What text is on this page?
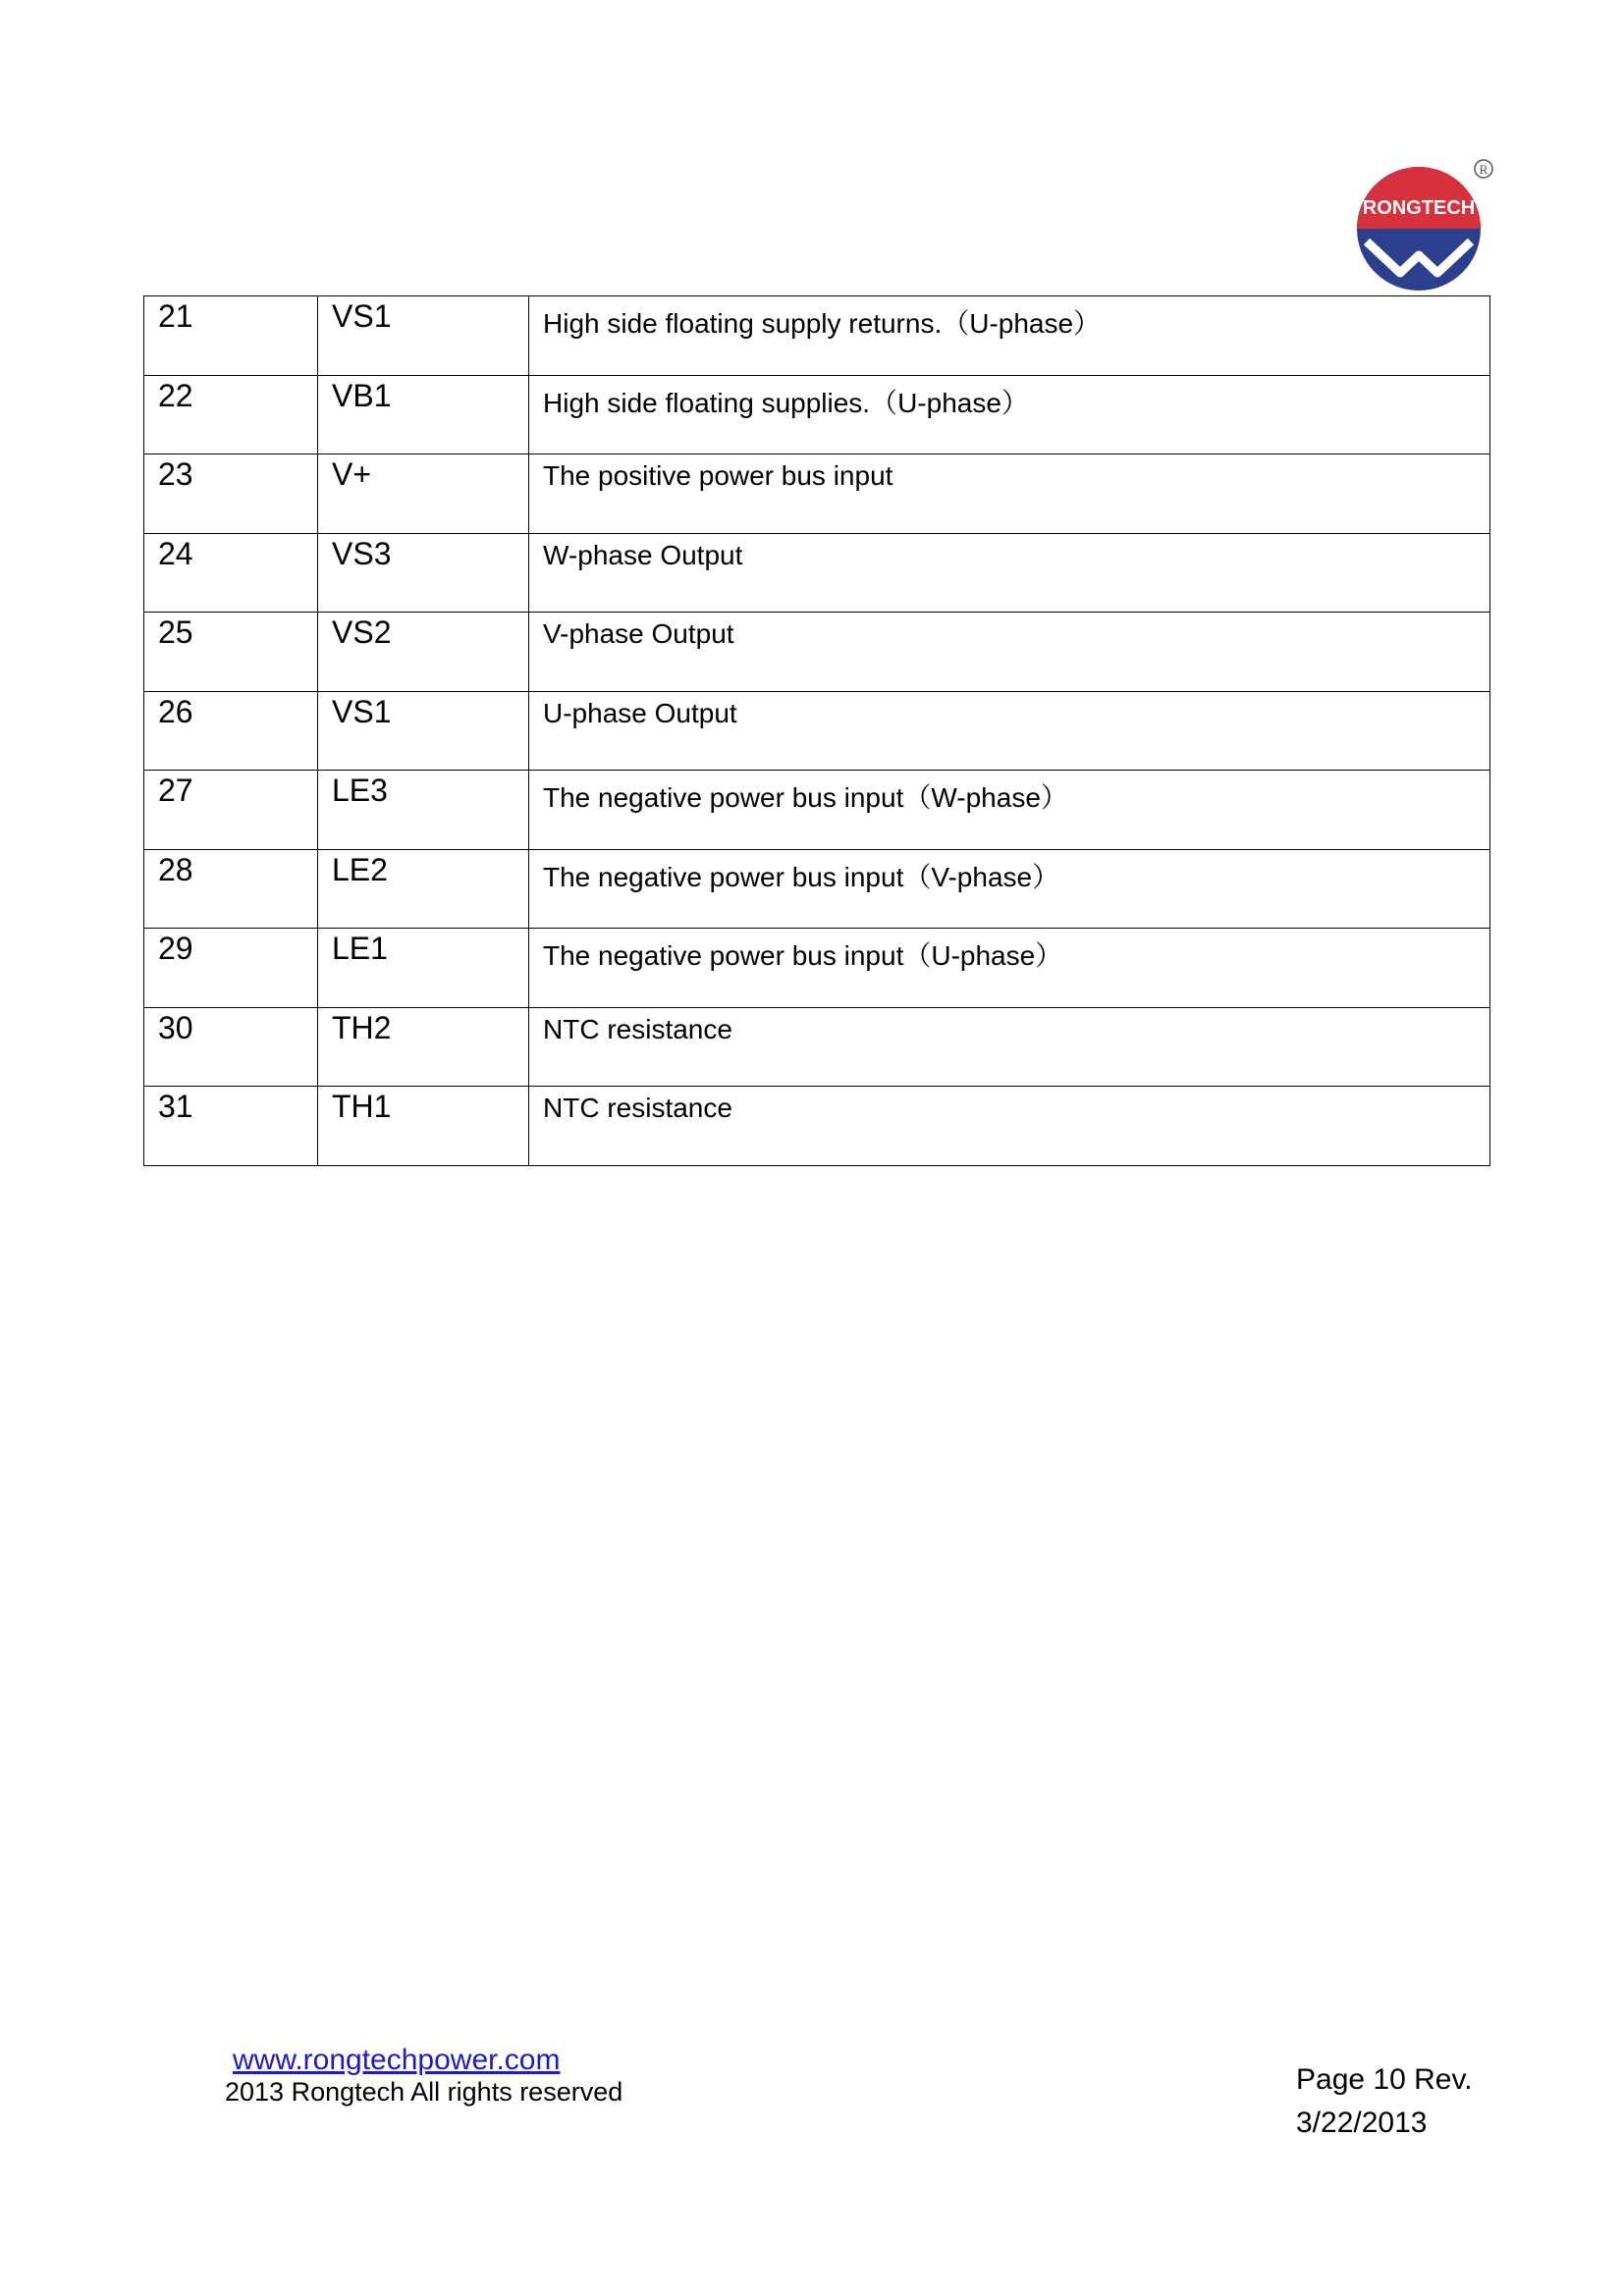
RONGTECH
R
21	VS1	High side floating supply returns.（U-phase）
22	VB1	High side floating supplies.（U-phase）
23	V+	The positive power bus input
24	VS3	W-phase Output
25	VS2	V-phase Output
26	VS1	U-phase Output
27	LE3	The negative power bus input（W-phase）
28	LE2	The negative power bus input（V-phase）
29	LE1	The negative power bus input（U-phase）
30	TH2	NTC resistance
31	TH1	NTC resistance
www.rongtechpower.com
2013 Rongtech All rights reserved	Page 10 Rev.
3/22/2013
